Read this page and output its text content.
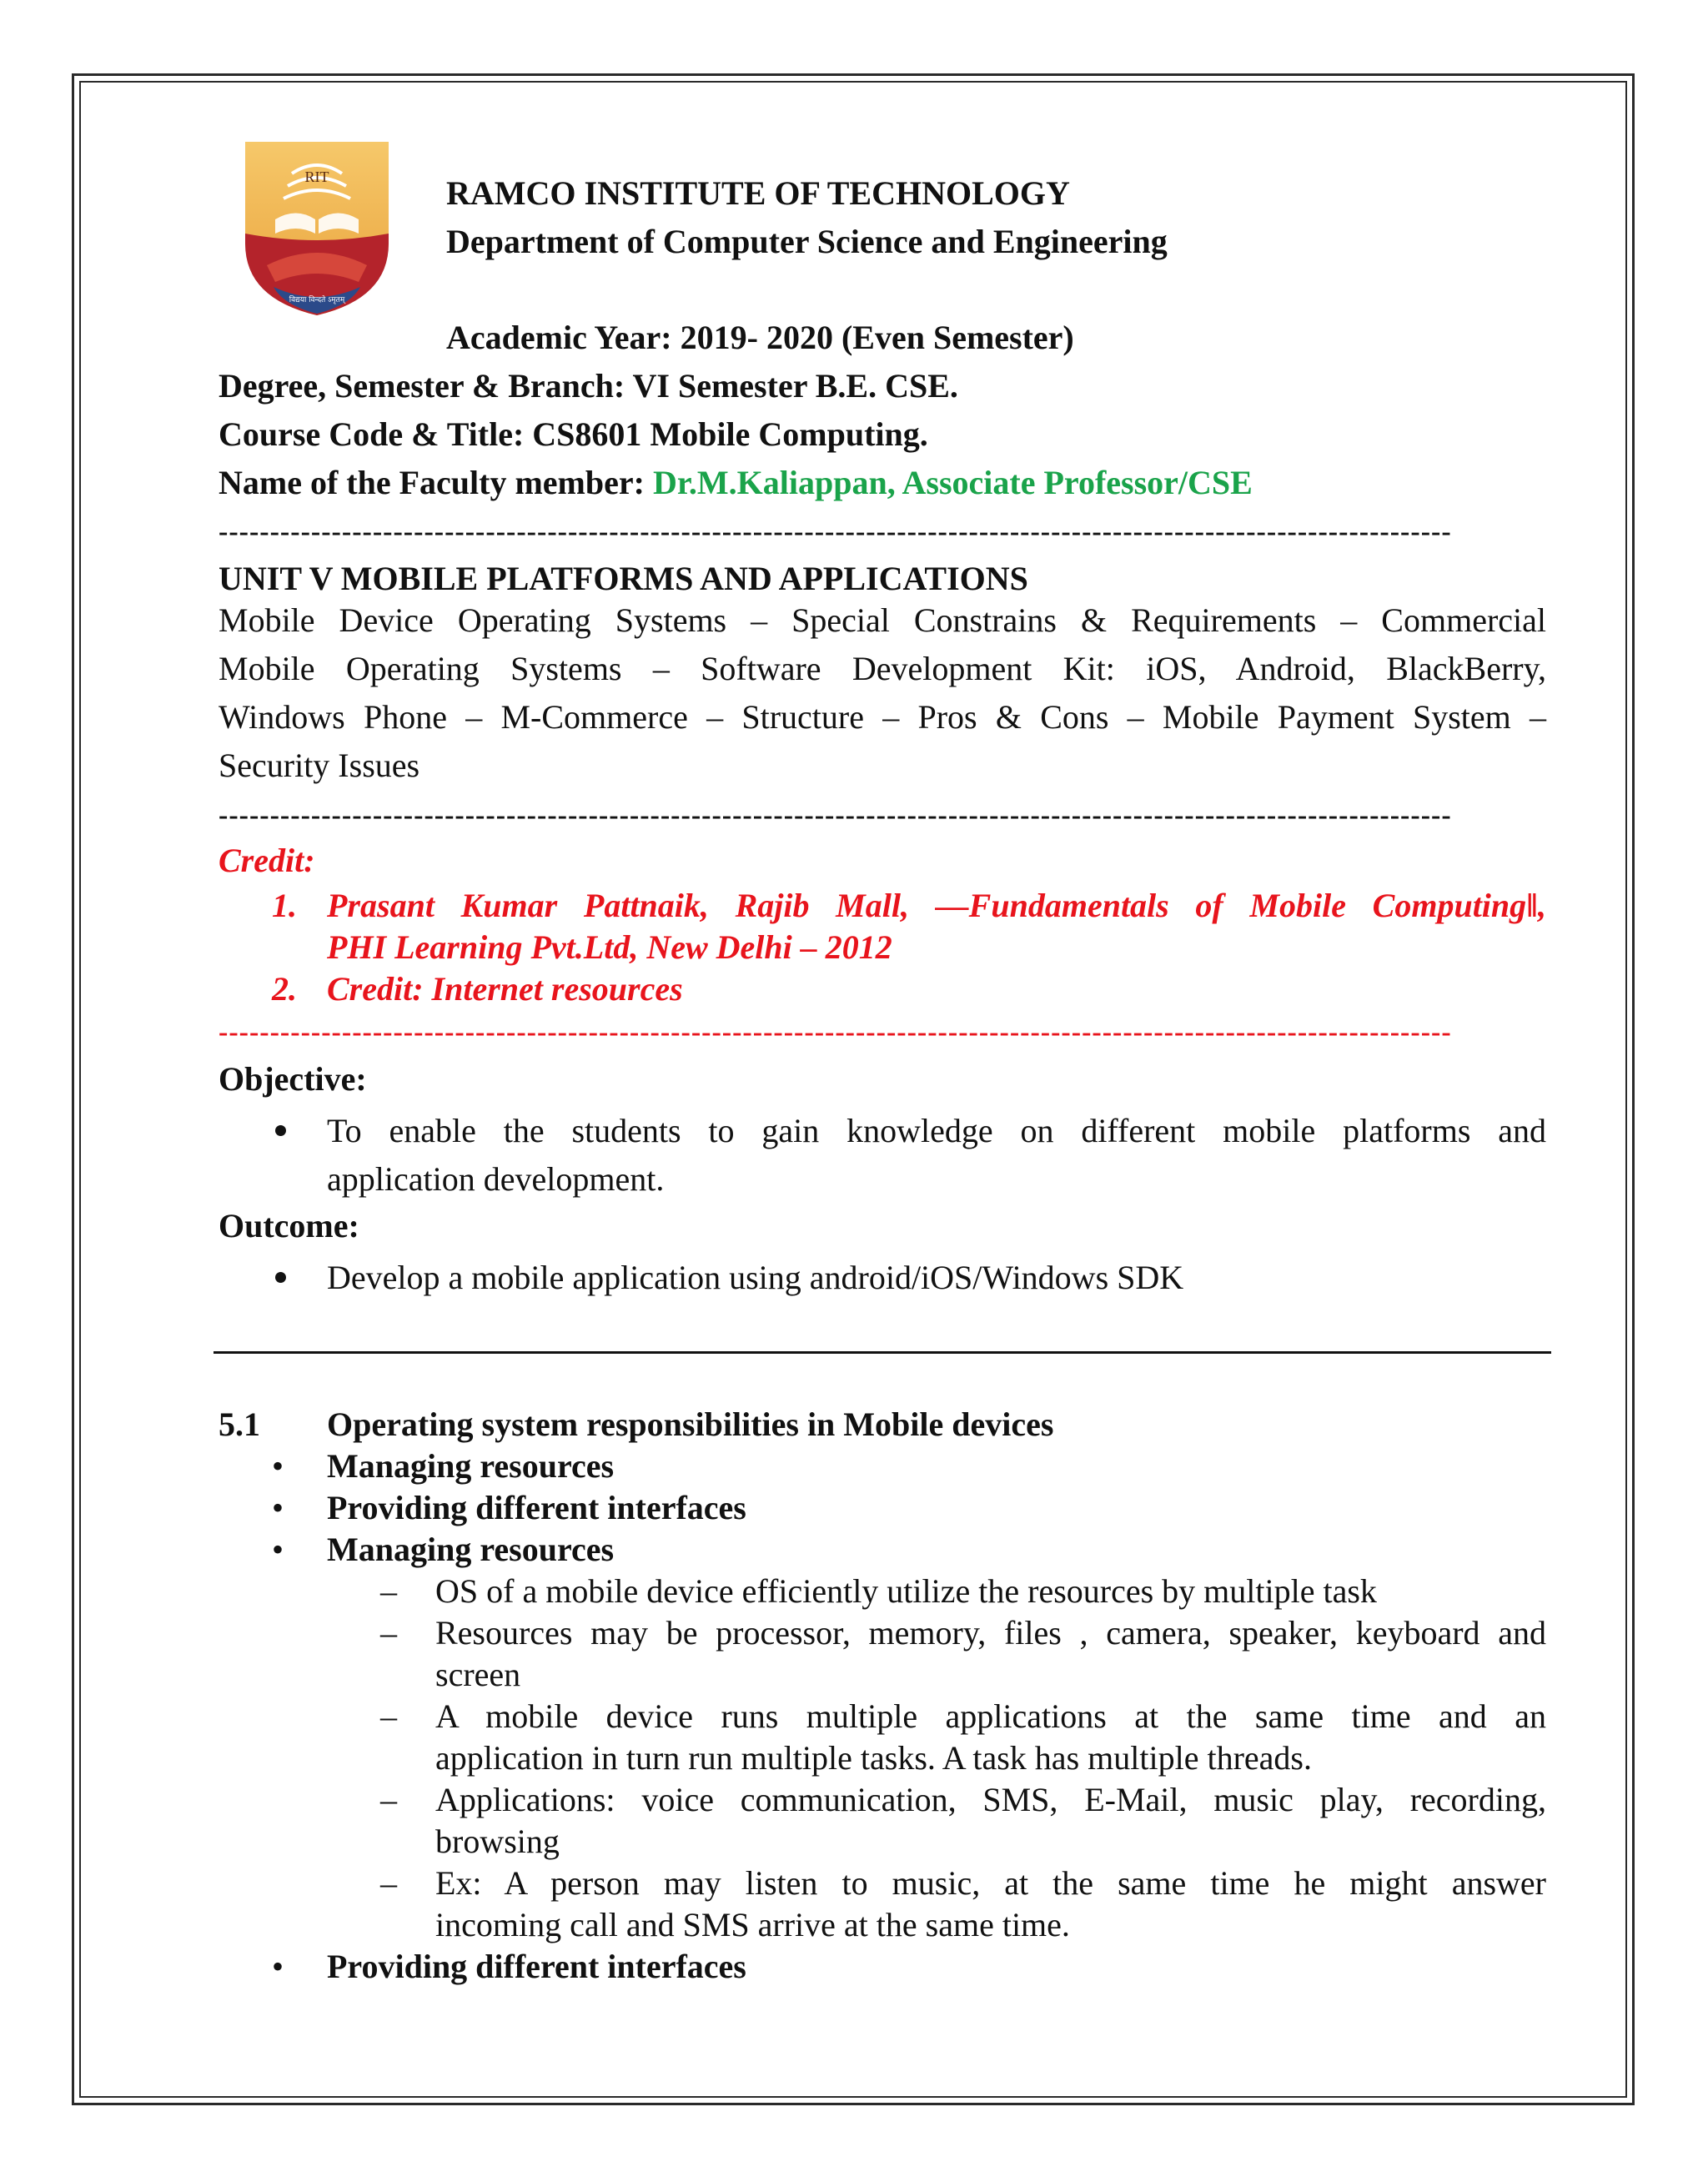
RIT
विद्यया विन्दते ऽमृतम्
RAMCO INSTITUTE OF TECHNOLOGY
Department of Computer Science and Engineering
Academic Year: 2019- 2020 (Even Semester)
Degree, Semester & Branch: VI Semester B.E. CSE.
Course Code & Title: CS8601 Mobile Computing.
Name of the Faculty member: Dr.M.Kaliappan, Associate Professor/CSE
------------------------------------------------------------------------------------------------------------------------
UNIT V MOBILE PLATFORMS AND APPLICATIONS
Mobile Device Operating Systems – Special Constrains & Requirements – Commercial
Mobile Operating Systems – Software Development Kit: iOS, Android, BlackBerry,
Windows Phone – M-Commerce – Structure – Pros & Cons – Mobile Payment System –
Security Issues
------------------------------------------------------------------------------------------------------------------------
Credit:
1. Prasant Kumar Pattnaik, Rajib Mall, —Fundamentals of Mobile Computing‖,
PHI Learning Pvt.Ltd, New Delhi – 2012
2. Credit: Internet resources
------------------------------------------------------------------------------------------------------------------------
Objective:
To enable the students to gain knowledge on different mobile platforms and
application development.
Outcome:
Develop a mobile application using android/iOS/Windows SDK
5.1 Operating system responsibilities in Mobile devices
• Managing resources
• Providing different interfaces
• Managing resources
– OS of a mobile device efficiently utilize the resources by multiple task
– Resources may be processor, memory, files , camera, speaker, keyboard and
screen
– A mobile device runs multiple applications at the same time and an
application in turn run multiple tasks. A task has multiple threads.
– Applications: voice communication, SMS, E-Mail, music play, recording,
browsing
– Ex: A person may listen to music, at the same time he might answer
incoming call and SMS arrive at the same time.
• Providing different interfaces
